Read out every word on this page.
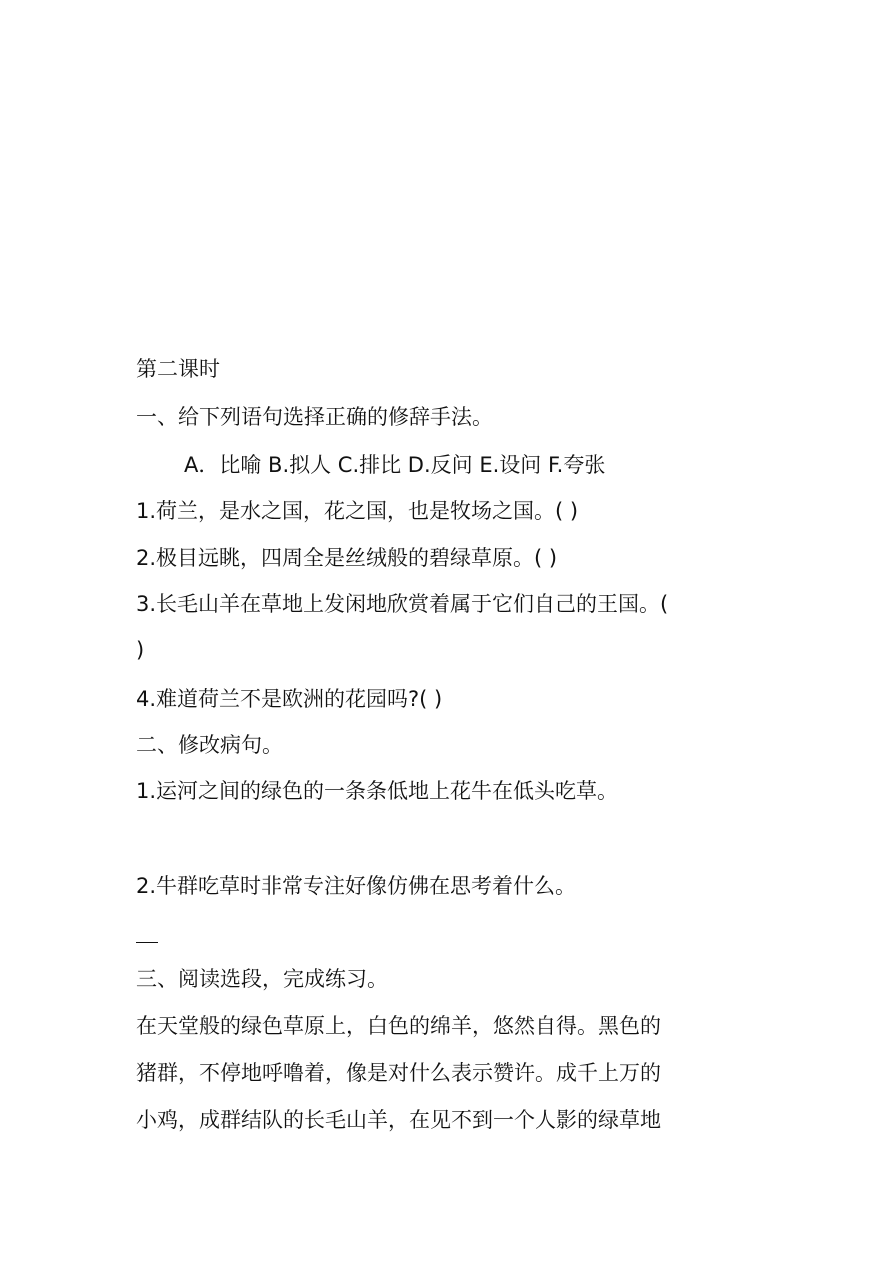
第二课时
一、给下列语句选择正确的修辞手法。
A．比喻 B.拟人 C.排比 D.反问 E.设问 F.夸张
1.荷兰，是水之国，花之国，也是牧场之国。( )
2.极目远眺，四周全是丝绒般的碧绿草原。( )
3.长毛山羊在草地上发闲地欣赏着属于它们自己的王国。(
)
4.难道荷兰不是欧洲的花园吗?( )
二、修改病句。
1.运河之间的绿色的一条条低地上花牛在低头吃草。
2.牛群吃草时非常专注好像仿佛在思考着什么。
三、阅读选段，完成练习。
在天堂般的绿色草原上，白色的绵羊，悠然自得。黑色的
猪群，不停地呼噜着，像是对什么表示赞许。成千上万的
小鸡，成群结队的长毛山羊，在见不到一个人影的绿草地
